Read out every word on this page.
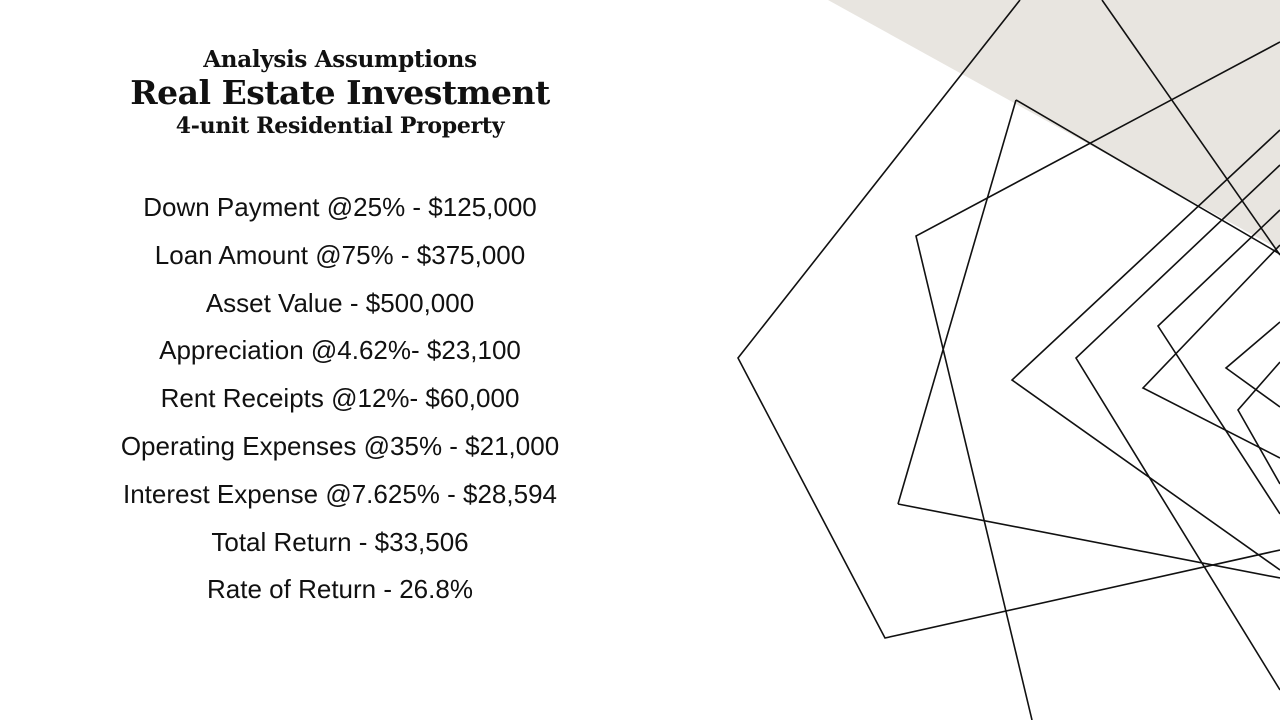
Analysis Assumptions
Real Estate Investment
4-unit Residential Property
Down Payment @25% - $125,000
Loan Amount @75% - $375,000
Asset Value - $500,000
Appreciation @4.62%- $23,100
Rent Receipts @12%- $60,000
Operating Expenses @35% - $21,000
Interest Expense @7.625% - $28,594
Total Return - $33,506
Rate of Return - 26.8%
